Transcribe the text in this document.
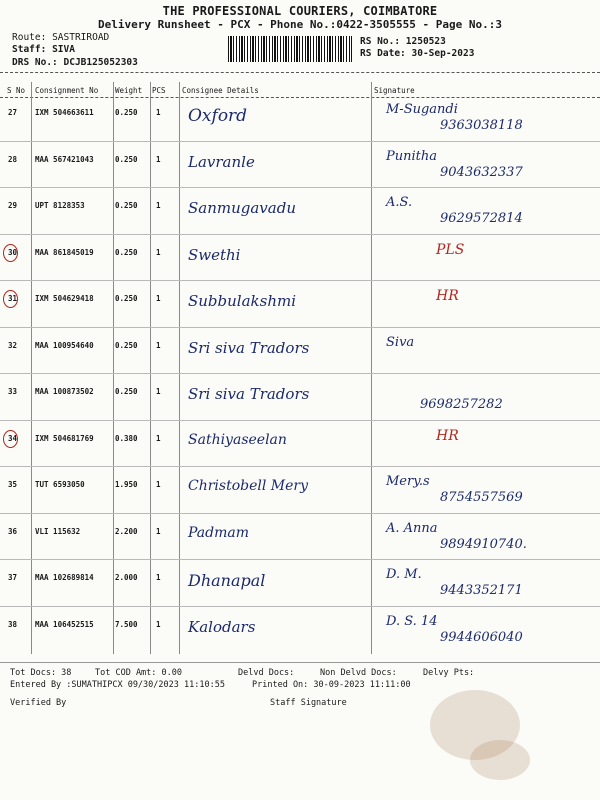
THE PROFESSIONAL COURIERS, COIMBATORE
Delivery Runsheet - PCX - Phone No.:0422-3505555 - Page No.:3
Route: SASTRIROAD
Staff: SIVA
DRS No.: DCJB125052303
RS No.: 1250523
RS Date: 30-Sep-2023
S No Consignment No Weight PCS Consignee Details	Signature
27 IXM 504663611	0.250 1 Oxford	M-Sugandi
9363038118
28 MAA 567421043	0.250 1 Lavranle	Punitha
9043632337
29 UPT 8128353	0.250 1 Sanmugavadu	A.S.
9629572814
30 MAA 861845019	0.250 1 Swethi	PLS
31 IXM 504629418	0.250 1 Subbulakshmi	HR
32 MAA 100954640	0.250 1 Sri siva Tradors	Siva
33 MAA 100873502	0.250 1 Sri siva Tradors
9698257282
34 IXM 504681769	0.380 1 Sathiyaseelan	HR
35 TUT 6593050	1.950 1 Christobell Mery	Mery.s
8754557569
36 VLI 115632	2.200 1 Padmam	A. Anna
9894910740.
37 MAA 102689814	2.000 1 Dhanapal	D. M.
9443352171
38 MAA 106452515	7.500 1 Kalodars	D. S. 14
9944606040
Tot Docs: 38	Tot COD Amt: 0.00	Delvd Docs:	Non Delvd Docs:	Delvy Pts:
Entered By :SUMATHIPCX 09/30/2023 11:10:55	Printed On: 30-09-2023 11:11:00
Verified By	Staff Signature
